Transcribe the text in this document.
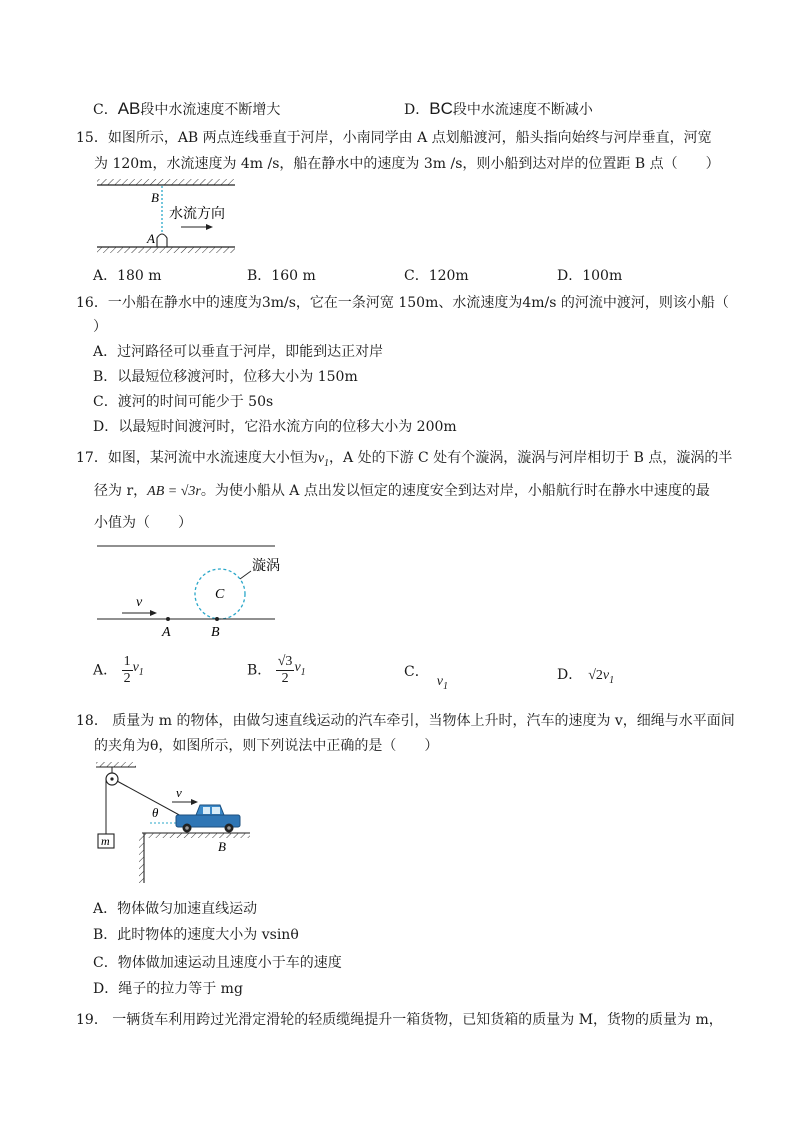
C．AB段中水流速度不断增大	D．BC段中水流速度不断减小
15．如图所示，AB 两点连线垂直于河岸，小南同学由 A 点划船渡河，船头指向始终与河岸垂直，河宽
为 120m，水流速度为 4m /s，船在静水中的速度为 3m /s，则小船到达对岸的位置距 B 点（　　）
B
水流方向
A
A．180 m	B．160 m	C．120m	D．100m
16．一小船在静水中的速度为3m/s，它在一条河宽 150m、水流速度为4m/s 的河流中渡河，则该小船（
）
A．过河路径可以垂直于河岸，即能到达正对岸
B．以最短位移渡河时，位移大小为 150m
C．渡河的时间可能少于 50s
D．以最短时间渡河时，它沿水流方向的位移大小为 200m
17．如图，某河流中水流速度大小恒为$v_1$，A 处的下游 C 处有个漩涡，漩涡与河岸相切于 B 点，漩涡的半
径为 r，AB = √3r。为使小船从 A 点出发以恒定的速度安全到达对岸，小船航行时在静水中速度的最
小值为（　　）
C
漩涡
v
A	B
A． $\frac{1}{2} v_1$	B． $\frac{√3}{2} v_1$	C．$v_1$
D． $√2v_1$
18． 质量为 m 的物体，由做匀速直线运动的汽车牵引，当物体上升时，汽车的速度为 v，细绳与水平面间
的夹角为θ，如图所示，则下列说法中正确的是（　　）
m
θ
v
B
A．物体做匀加速直线运动
B．此时物体的速度大小为 vsinθ
C．物体做加速运动且速度小于车的速度
D．绳子的拉力等于 mg
19． 一辆货车利用跨过光滑定滑轮的轻质缆绳提升一箱货物，已知货箱的质量为 M，货物的质量为 m，
